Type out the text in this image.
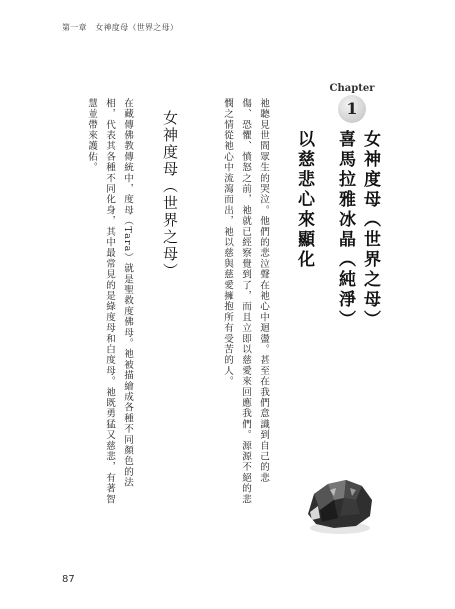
第一章　女神度母（世界之母）
Chapter
1

女神度母（世界之母）

喜馬拉雅冰晶（純淨）

以慈悲心來顯化

祂聽見世間眾生的哭泣。他們的悲泣聲在祂心中迴盪。甚至在我們意識到自己的悲

傷、恐懼、憤怒之前，祂就已經察覺到了，而且立即以慈愛來回應我們。源源不絕的悲

憫之情從祂心中流瀉而出，祂以慈與慈愛擁抱所有受苦的人。

女神度母（世界之母）

在藏傳佛教傳統中，度母（Tara）就是聖救度佛母。祂被描繪成各種不同顏色的法

相，代表其各種不同化身，其中最常見的是綠度母和白度母。祂既勇猛又慈悲，有著智

慧並帶來護佑。

87
